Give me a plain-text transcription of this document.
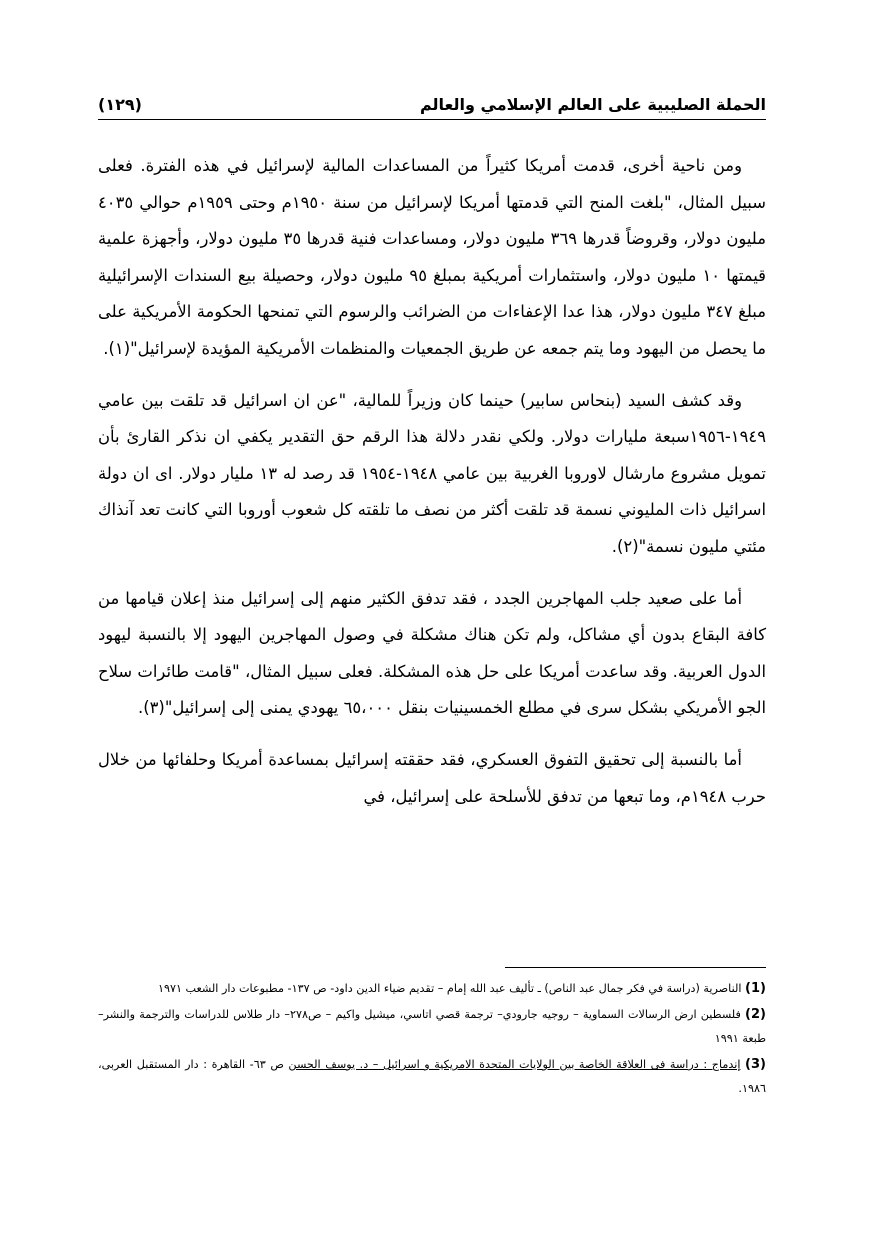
الحملة الصليبية على العالم الإسلامي والعالم
(١٢٩)

ومن ناحية أخرى، قدمت أمريكا كثيراً من المساعدات المالية لإسرائيل في هذه الفترة. فعلى سبيل المثال، "بلغت المنح التي قدمتها أمريكا لإسرائيل من سنة ١٩٥٠م وحتى ١٩٥٩م حوالي ٤٠٣٥ مليون دولار، وقروضاً قدرها ٣٦٩ مليون دولار، ومساعدات فنية قدرها ٣٥ مليون دولار، وأجهزة علمية قيمتها ١٠ مليون دولار، واستثمارات أمريكية بمبلغ ٩٥ مليون دولار، وحصيلة بيع السندات الإسرائيلية مبلغ ٣٤٧ مليون دولار، هذا عدا الإعفاءات من الضرائب والرسوم التي تمنحها الحكومة الأمريكية على ما يحصل من اليهود وما يتم جمعه عن طريق الجمعيات والمنظمات الأمريكية المؤيدة لإسرائيل"(١).

وقد كشف السيد (بنحاس سابير) حينما كان وزيراً للمالية، "عن ان اسرائيل قد تلقت بين عامي ١٩٤٩-١٩٥٦سبعة مليارات دولار. ولكي نقدر دلالة هذا الرقم حق التقدير يكفي ان نذكر القارئ بأن تمويل مشروع مارشال لاوروبا الغربية بين عامي ١٩٤٨-١٩٥٤ قد رصد له ١٣ مليار دولار. اى ان دولة اسرائيل ذات المليوني نسمة قد تلقت أكثر من نصف ما تلقته كل شعوب أوروبا التي كانت تعد آنذاك مئتي مليون نسمة"(٢).

أما على صعيد جلب المهاجرين الجدد ، فقد تدفق الكثير منهم إلى إسرائيل منذ إعلان قيامها من كافة البقاع بدون أي مشاكل، ولم تكن هناك مشكلة في وصول المهاجرين اليهود إلا بالنسبة ليهود الدول العربية. وقد ساعدت أمريكا على حل هذه المشكلة. فعلى سبيل المثال، "قامت طائرات سلاح الجو الأمريكي بشكل سرى في مطلع الخمسينيات بنقل ٦٥،٠٠٠ يهودي يمنى إلى إسرائيل"(٣).

أما بالنسبة إلى تحقيق التفوق العسكري، فقد حققته إسرائيل بمساعدة أمريكا وحلفائها من خلال حرب ١٩٤٨م، وما تبعها من تدفق للأسلحة على إسرائيل، في

(1) الناصرية (دراسة في فكر جمال عبد الناص) ـ تأليف عبد الله إمام – تقديم ضياء الدين داود- ص ١٣٧- مطبوعات دار الشعب ١٩٧١
(2) فلسطين ارض الرسالات السماوية – روجيه جارودي– ترجمة قصي اتاسي، ميشيل واكيم – ص٢٧٨– دار طلاس للدراسات والترجمة والنشر– طبعة ١٩٩١
(3) إندماج : دراسة فى العلاقة الخاصة بين الولايات المتحدة الامريكية و اسرائيل – د. يوسف الحسن ص ٦٣- القاهرة : دار المستقبل العربى، ١٩٨٦.
